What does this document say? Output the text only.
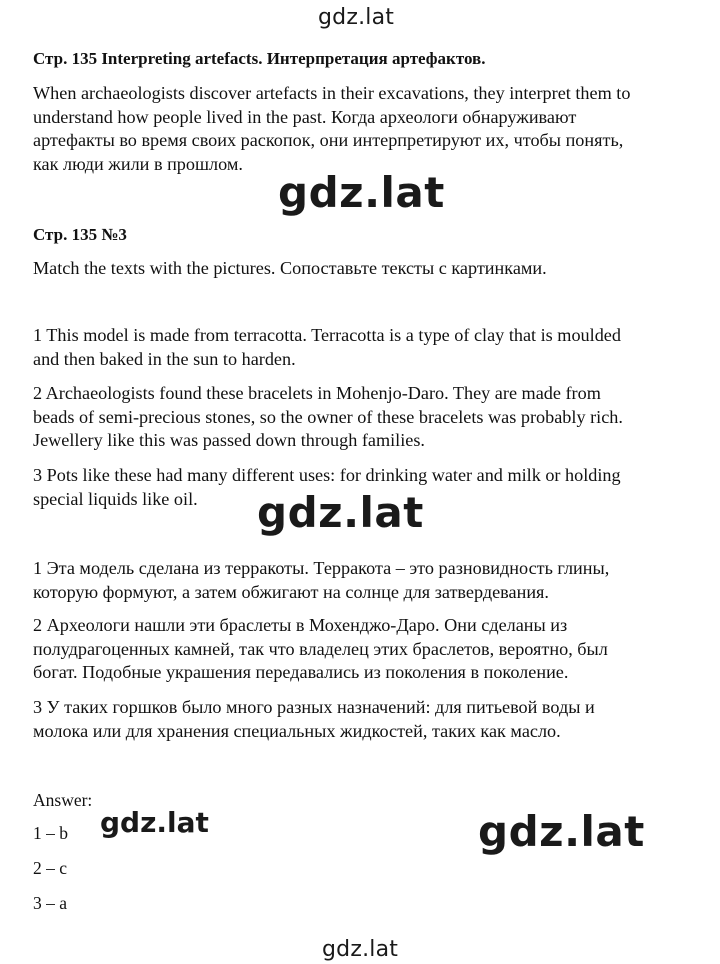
gdz.lat
gdz.lat
gdz.lat
gdz.lat	gdz.lat
gdz.lat
Стр. 135 Interpreting artefacts. Интерпретация артефактов.
When archaeologists discover artefacts in their excavations, they interpret them to
understand how people lived in the past. Когда археологи обнаруживают
артефакты во время своих раскопок, они интерпретируют их, чтобы понять,
как люди жили в прошлом.
Стр. 135 №3
Match the texts with the pictures. Сопоставьте тексты с картинками.
1 This model is made from terracotta. Terracotta is a type of clay that is moulded
and then baked in the sun to harden.
2 Archaeologists found these bracelets in Mohenjo-Daro. They are made from
beads of semi-precious stones, so the owner of these bracelets was probably rich.
Jewellery like this was passed down through families.
3 Pots like these had many different uses: for drinking water and milk or holding
special liquids like oil.
1 Эта модель сделана из терракоты. Терракота – это разновидность глины,
которую формуют, а затем обжигают на солнце для затвердевания.
2 Археологи нашли эти браслеты в Мохенджо-Даро. Они сделаны из
полудрагоценных камней, так что владелец этих браслетов, вероятно, был
богат. Подобные украшения передавались из поколения в поколение.
3 У таких горшков было много разных назначений: для питьевой воды и
молока или для хранения специальных жидкостей, таких как масло.
Answer:
1 – b
2 – c
3 – a
